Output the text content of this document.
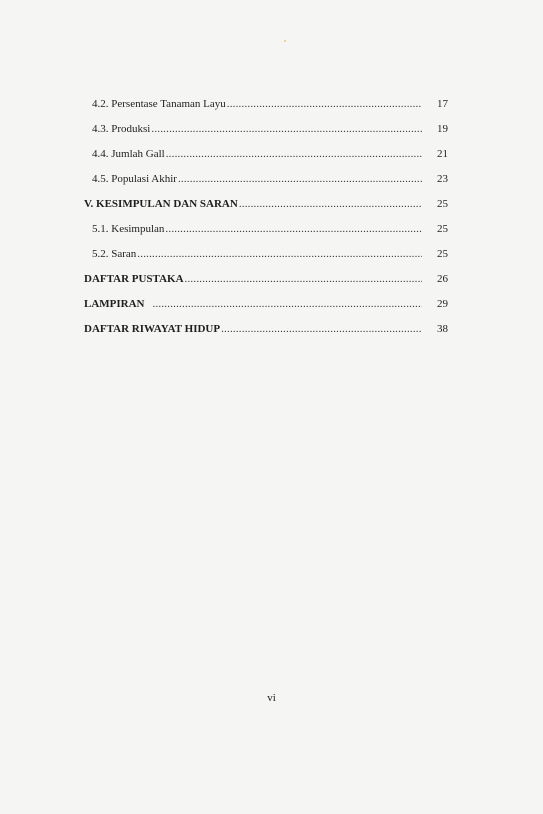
4.2. Persentase Tanaman Layu .....	17
4.3. Produksi .....	19
4.4. Jumlah Gall .....	21
4.5. Populasi Akhir .....	23
V. KESIMPULAN DAN SARAN .....	25
5.1. Kesimpulan .....	25
5.2. Saran .....	25
DAFTAR PUSTAKA .....	26
LAMPIRAN .....	29
DAFTAR RIWAYAT HIDUP .....	38
vi
